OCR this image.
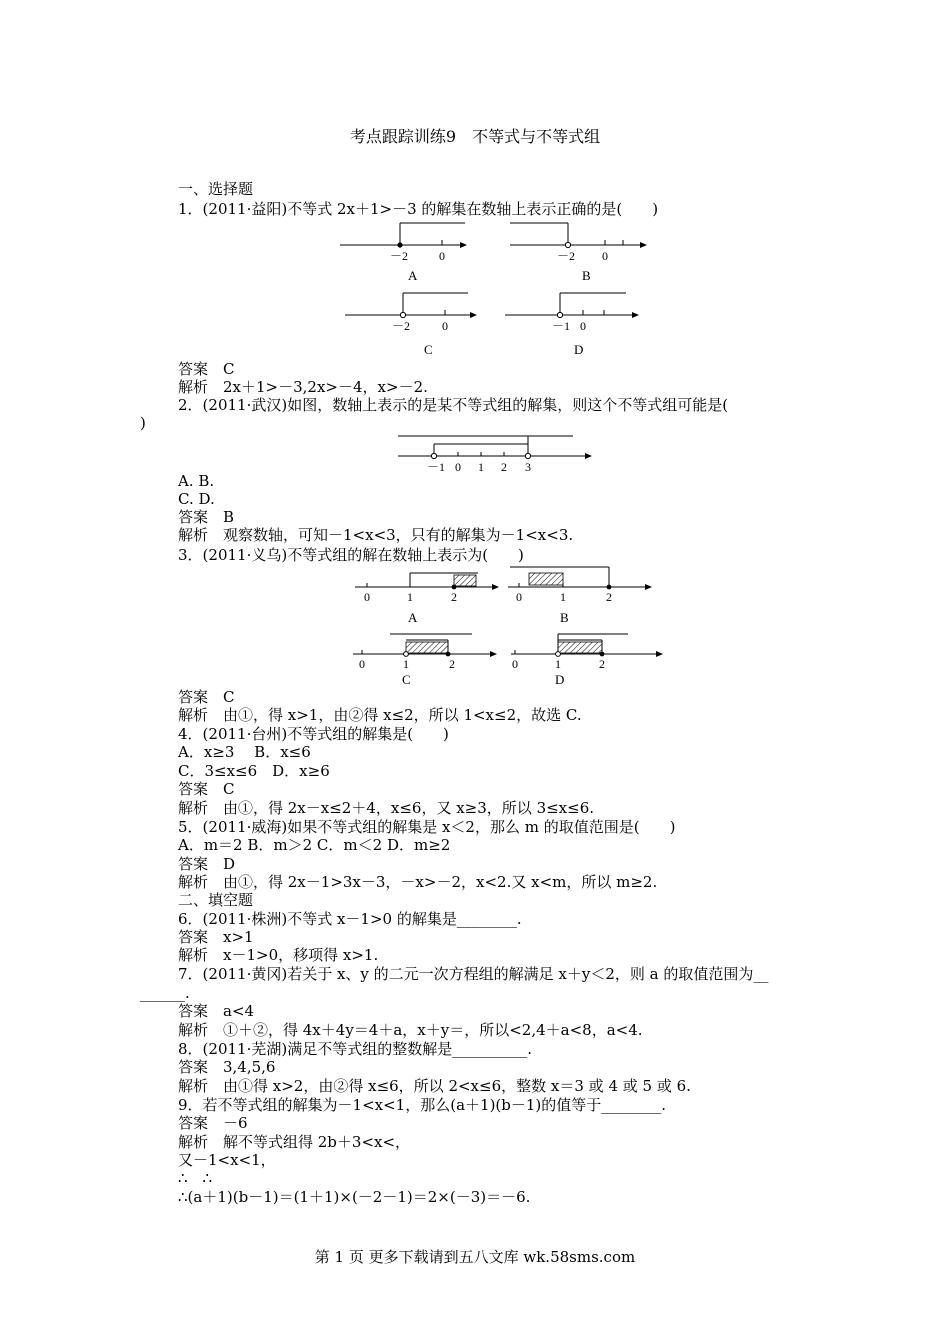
考点跟踪训练9　不等式与不等式组
一、选择题
1．(2011·益阳)不等式 2x＋1>－3 的解集在数轴上表示正确的是(　　)
答案　C
解析　2x＋1>－3,2x>－4，x>－2.
2．(2011·武汉)如图，数轴上表示的是某不等式组的解集，则这个不等式组可能是(
)
A. B.
C. D.
答案　B
解析　观察数轴，可知－1<x<3，只有的解集为－1<x<3.
3．(2011·义乌)不等式组的解在数轴上表示为(　　)
答案　C
解析　由①，得 x>1，由②得 x≤2，所以 1<x≤2，故选 C.
4．(2011·台州)不等式组的解集是(　　)
A．x≥3　 B．x≤6
C．3≤x≤6　D．x≥6
答案　C
解析　由①，得 2x－x≤2＋4，x≤6，又 x≥3，所以 3≤x≤6.
5．(2011·威海)如果不等式组的解集是 x＜2，那么 m 的取值范围是(　　)
A．m＝2 B．m＞2 C．m＜2 D．m≥2
答案　D
解析　由①，得 2x－1>3x－3，－x>－2，x<2.又 x<m，所以 m≥2.
二、填空题
6．(2011·株洲)不等式 x－1>0 的解集是________.
答案　x>1
解析　x－1>0，移项得 x>1.
7．(2011·黄冈)若关于 x、y 的二元一次方程组的解满足 x＋y＜2，则 a 的取值范围为__
______.
答案　a<4
解析　①＋②，得 4x＋4y＝4＋a，x＋y＝，所以<2,4＋a<8，a<4.
8．(2011·芜湖)满足不等式组的整数解是__________.
答案　3,4,5,6
解析　由①得 x>2，由②得 x≤6，所以 2<x≤6，整数 x＝3 或 4 或 5 或 6.
9．若不等式组的解集为－1<x<1，那么(a＋1)(b－1)的值等于________.
答案　－6
解析　解不等式组得 2b＋3<x<，
又－1<x<1，
∴　∴
∴(a＋1)(b－1)＝(1＋1)×(－2－1)＝2×(－3)＝－6.
－2	0
A
－2 0
B
－2	0
C
－1 0
D
－1 0 1 2 3
0	1	2
A
0	1	2
B
0	1	2
C
0	1	2
D
第 1 页 更多下载请到五八文库 wk.58sms.com
